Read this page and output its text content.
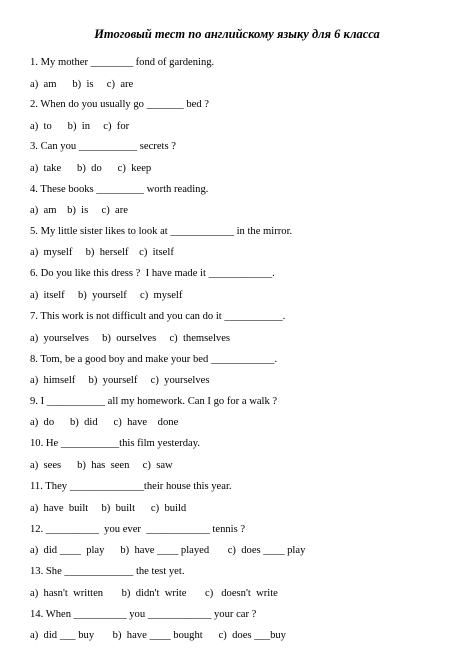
Итоговый тест по английскому языку для 6 класса
1. My mother ________ fond of gardening.
a)  am      b)  is     c)  are
2. When do you usually go _______ bed ?
a)  to      b)  in     c)  for
3. Can you ___________ secrets ?
a)  take      b)  do      c)  keep
4. These books _________ worth reading.
a)  am    b)  is     c)  are
5. My little sister likes to look at ____________ in the mirror.
a)  myself     b)  herself    c)  itself
6. Do you like this dress ?  I have made it ____________.
a)  itself     b)  yourself     c)  myself
7. This work is not difficult and you can do it ___________.
a)  yourselves     b)  ourselves     c)  themselves
8. Tom, be a good boy and make your bed ____________.
a)  himself     b)  yourself     c)  yourselves
9. I ___________ all my homework. Can I go for a walk ?
a)  do      b)  did      c)  have    done
10. He ___________this film yesterday.
a)  sees      b)  has  seen     c)  saw
11. They ______________their house this year.
a)  have  built     b)  built      c)  build
12. __________  you ever  ____________ tennis ?
a)  did ____  play      b)  have ____ played       c)  does ____ play
13. She _____________ the test yet.
a)  hasn't  written       b)  didn't  write       c)   doesn't  write
14. When __________ you ____________ your car ?
a)  did ___ buy       b)  have ____ bought      c)  does ___buy
